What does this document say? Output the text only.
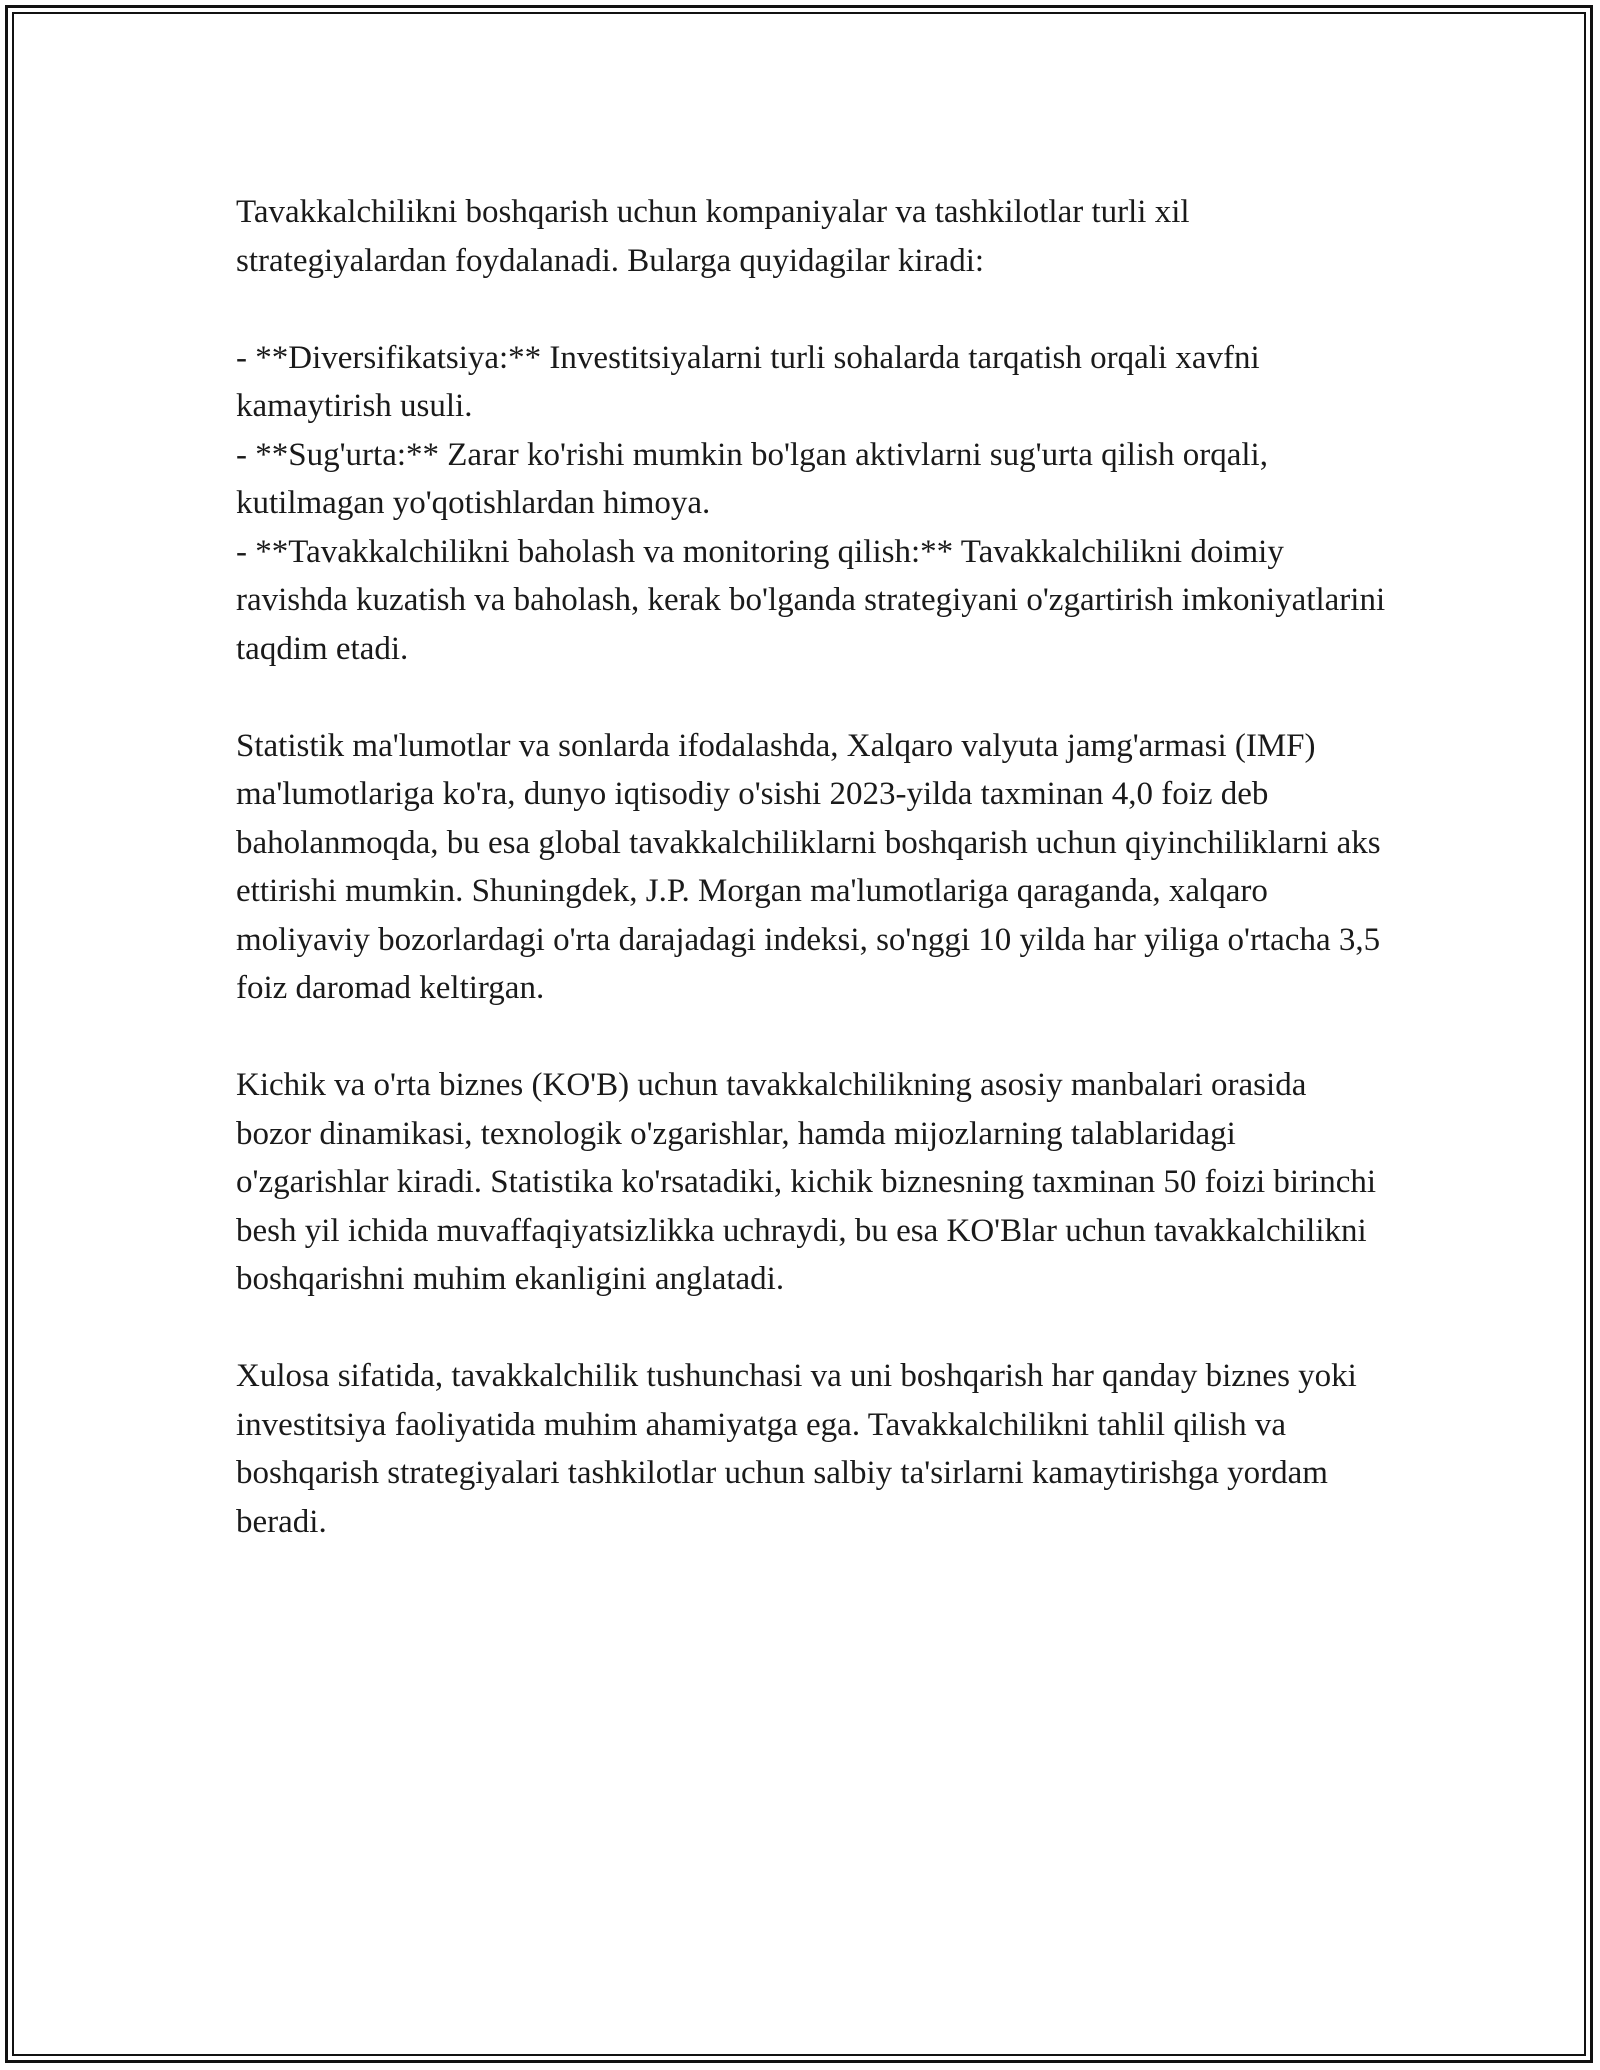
Tavakkalchilikni boshqarish uchun kompaniyalar va tashkilotlar turli xil strategiyalardan foydalanadi. Bularga quyidagilar kiradi:

- **Diversifikatsiya:** Investitsiyalarni turli sohalarda tarqatish orqali xavfni kamaytirish usuli.
- **Sug'urta:** Zarar ko'rishi mumkin bo'lgan aktivlarni sug'urta qilish orqali, kutilmagan yo'qotishlardan himoya.
- **Tavakkalchilikni baholash va monitoring qilish:** Tavakkalchilikni doimiy ravishda kuzatish va baholash, kerak bo'lganda strategiyani o'zgartirish imkoniyatlarini taqdim etadi.

Statistik ma'lumotlar va sonlarda ifodalashda, Xalqaro valyuta jamg'armasi (IMF) ma'lumotlariga ko'ra, dunyo iqtisodiy o'sishi 2023-yilda taxminan 4,0 foiz deb baholanmoqda, bu esa global tavakkalchiliklarni boshqarish uchun qiyinchiliklarni aks ettirishi mumkin. Shuningdek, J.P. Morgan ma'lumotlariga qaraganda, xalqaro moliyaviy bozorlardagi o'rta darajadagi indeksi, so'nggi 10 yilda har yiliga o'rtacha 3,5 foiz daromad keltirgan.

Kichik va o'rta biznes (KO'B) uchun tavakkalchilikning asosiy manbalari orasida bozor dinamikasi, texnologik o'zgarishlar, hamda mijozlarning talablaridagi o'zgarishlar kiradi. Statistika ko'rsatadiki, kichik biznesning taxminan 50 foizi birinchi besh yil ichida muvaffaqiyatsizlikka uchraydi, bu esa KO'Blar uchun tavakkalchilikni boshqarishni muhim ekanligini anglatadi.

Xulosa sifatida, tavakkalchilik tushunchasi va uni boshqarish har qanday biznes yoki investitsiya faoliyatida muhim ahamiyatga ega. Tavakkalchilikni tahlil qilish va boshqarish strategiyalari tashkilotlar uchun salbiy ta'sirlarni kamaytirishga yordam beradi.
